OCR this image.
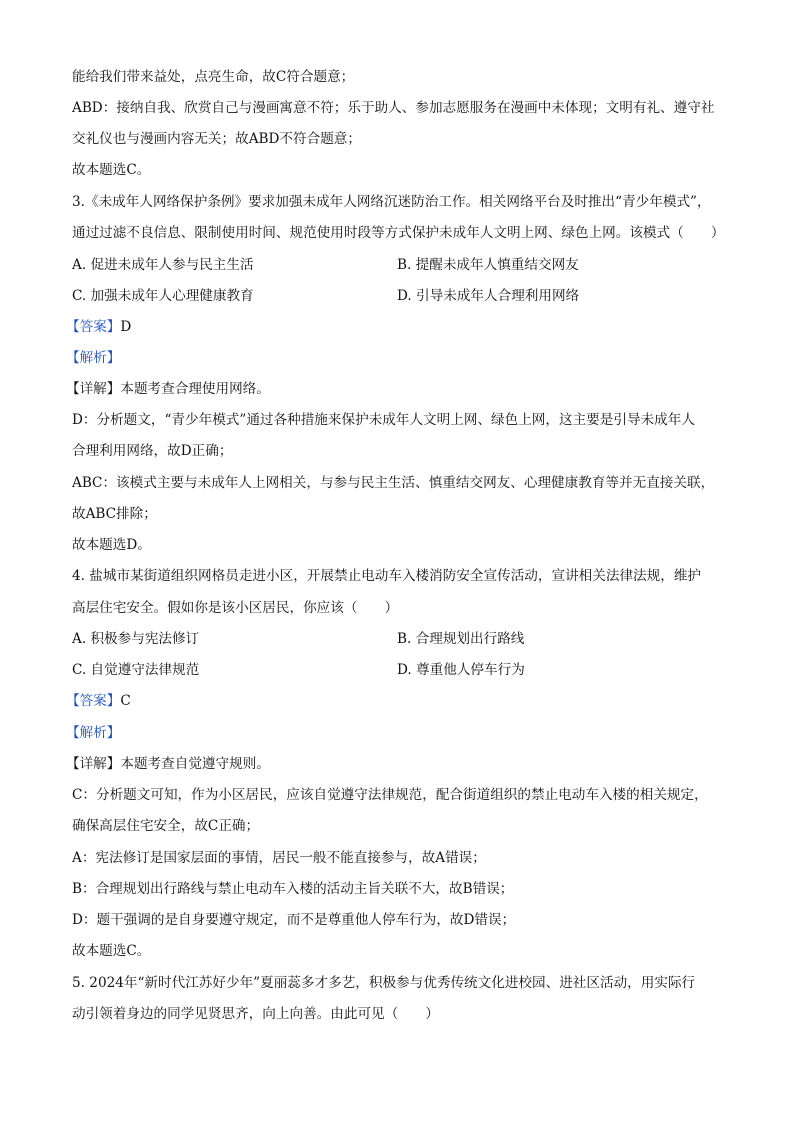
能给我们带来益处，点亮生命，故C符合题意；
ABD：接纳自我、欣赏自己与漫画寓意不符；乐于助人、参加志愿服务在漫画中未体现；文明有礼、遵守社
交礼仪也与漫画内容无关；故ABD不符合题意；
故本题选C。
3.《未成年人网络保护条例》要求加强未成年人网络沉迷防治工作。相关网络平台及时推出“青少年模式”，
通过过滤不良信息、限制使用时间、规范使用时段等方式保护未成年人文明上网、绿色上网。该模式（　　）
A. 促进未成年人参与民主生活	B. 提醒未成年人慎重结交网友
C. 加强未成年人心理健康教育	D. 引导未成年人合理利用网络
【答案】D
【解析】
【详解】本题考查合理使用网络。
D：分析题文，“青少年模式”通过各种措施来保护未成年人文明上网、绿色上网，这主要是引导未成年人
合理利用网络，故D正确；
ABC：该模式主要与未成年人上网相关，与参与民主生活、慎重结交网友、心理健康教育等并无直接关联，
故ABC排除；
故本题选D。
4. 盐城市某街道组织网格员走进小区，开展禁止电动车入楼消防安全宣传活动，宣讲相关法律法规，维护
高层住宅安全。假如你是该小区居民，你应该（　　）
A. 积极参与宪法修订	B. 合理规划出行路线
C. 自觉遵守法律规范	D. 尊重他人停车行为
【答案】C
【解析】
【详解】本题考查自觉遵守规则。
C：分析题文可知，作为小区居民，应该自觉遵守法律规范，配合街道组织的禁止电动车入楼的相关规定，
确保高层住宅安全，故C正确；
A：宪法修订是国家层面的事情，居民一般不能直接参与，故A错误；
B：合理规划出行路线与禁止电动车入楼的活动主旨关联不大，故B错误；
D：题干强调的是自身要遵守规定，而不是尊重他人停车行为，故D错误；
故本题选C。
5. 2024年“新时代江苏好少年”夏丽蕊多才多艺，积极参与优秀传统文化进校园、进社区活动，用实际行
动引领着身边的同学见贤思齐，向上向善。由此可见（　　）
